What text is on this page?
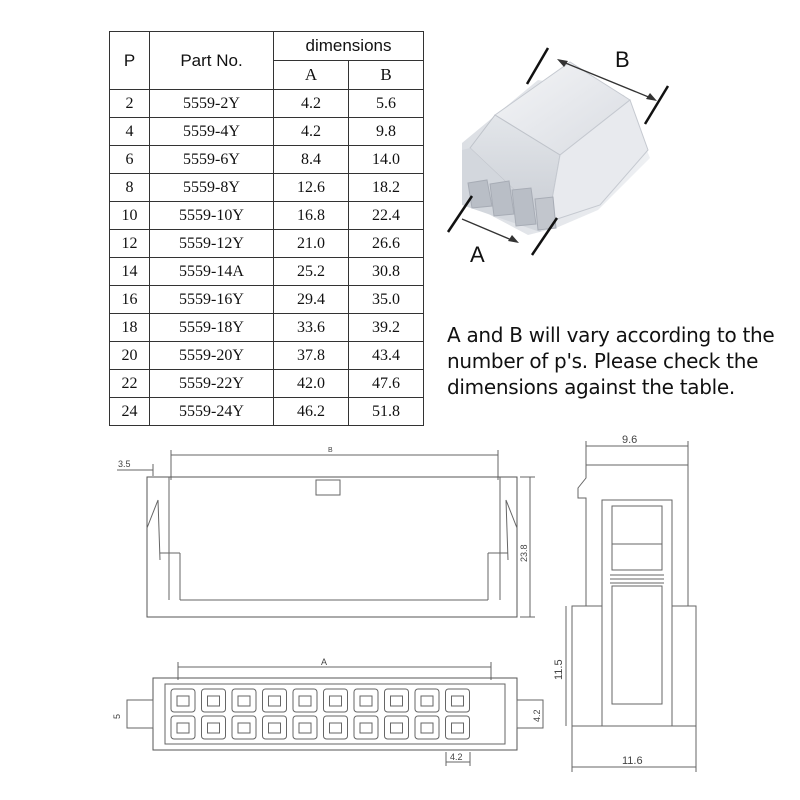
P	Part No.	dimensions	
		A	B
2	5559-2Y	4.2	5.6
4	5559-4Y	4.2	9.8
6	5559-6Y	8.4	14.0
8	5559-8Y	12.6	18.2
10	5559-10Y	16.8	22.4
12	5559-12Y	21.0	26.6
14	5559-14A	25.2	30.8
16	5559-16Y	29.4	35.0
18	5559-18Y	33.6	39.2
20	5559-20Y	37.8	43.4
22	5559-22Y	42.0	47.6
24	5559-24Y	46.2	51.8
B
A
3.5
B
23.8
A
5	4.2
4.2
9.6
11.5
11.6

A and B will vary according to the number of p's. Please check the dimensions against the table.
